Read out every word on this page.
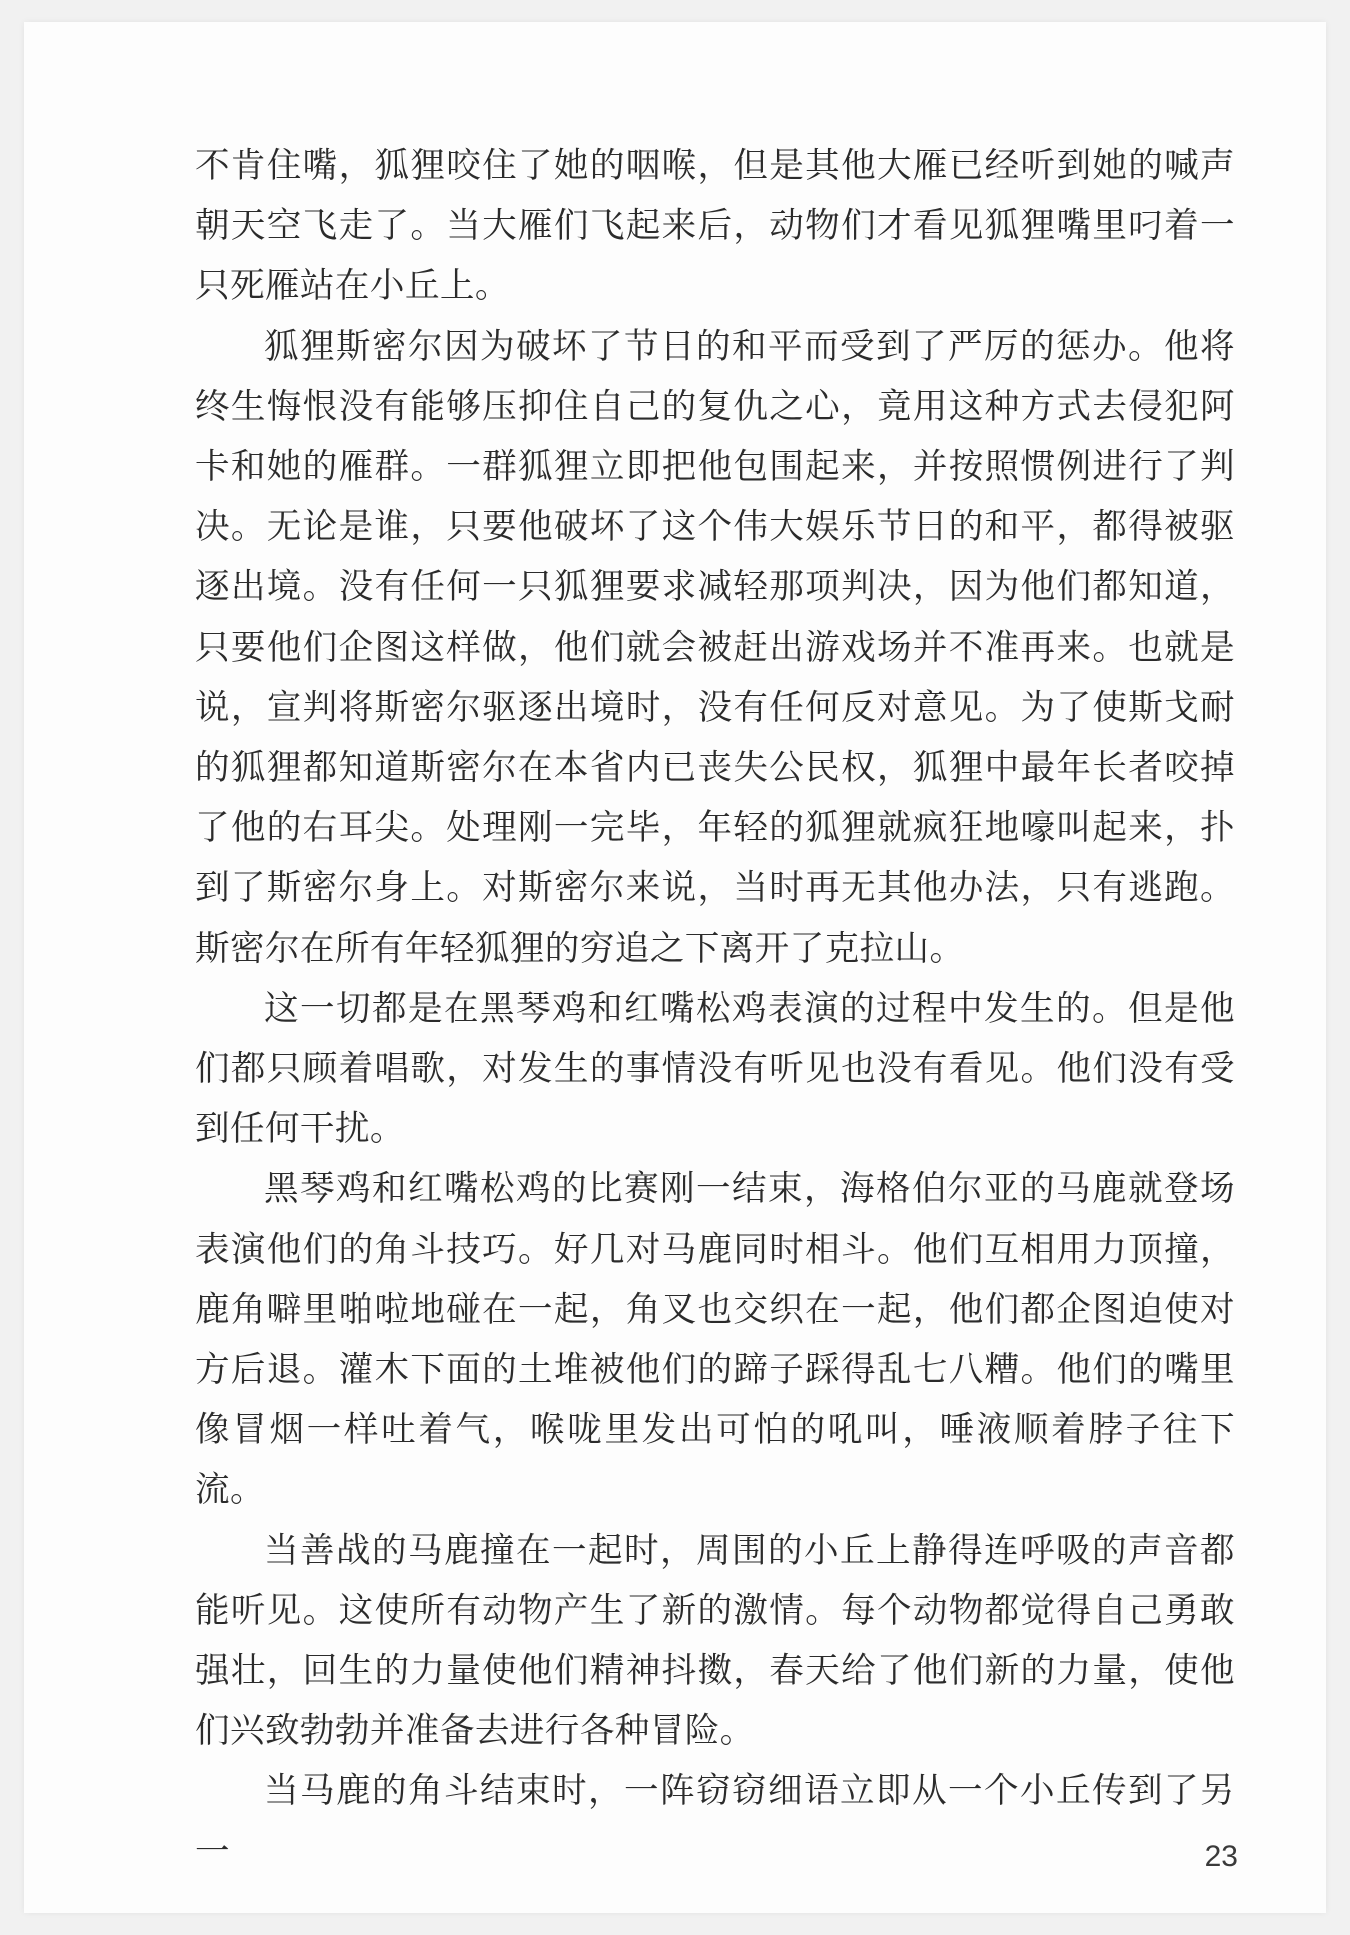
不肯住嘴，狐狸咬住了她的咽喉，但是其他大雁已经听到她的喊声朝天空飞走了。当大雁们飞起来后，动物们才看见狐狸嘴里叼着一只死雁站在小丘上。

狐狸斯密尔因为破坏了节日的和平而受到了严厉的惩办。他将终生悔恨没有能够压抑住自己的复仇之心，竟用这种方式去侵犯阿卡和她的雁群。一群狐狸立即把他包围起来，并按照惯例进行了判决。无论是谁，只要他破坏了这个伟大娱乐节日的和平，都得被驱逐出境。没有任何一只狐狸要求减轻那项判决，因为他们都知道，只要他们企图这样做，他们就会被赶出游戏场并不准再来。也就是说，宣判将斯密尔驱逐出境时，没有任何反对意见。为了使斯戈耐的狐狸都知道斯密尔在本省内已丧失公民权，狐狸中最年长者咬掉了他的右耳尖。处理刚一完毕，年轻的狐狸就疯狂地嚎叫起来，扑到了斯密尔身上。对斯密尔来说，当时再无其他办法，只有逃跑。斯密尔在所有年轻狐狸的穷追之下离开了克拉山。

这一切都是在黑琴鸡和红嘴松鸡表演的过程中发生的。但是他们都只顾着唱歌，对发生的事情没有听见也没有看见。他们没有受到任何干扰。

黑琴鸡和红嘴松鸡的比赛刚一结束，海格伯尔亚的马鹿就登场表演他们的角斗技巧。好几对马鹿同时相斗。他们互相用力顶撞，鹿角噼里啪啦地碰在一起，角叉也交织在一起，他们都企图迫使对方后退。灌木下面的土堆被他们的蹄子踩得乱七八糟。他们的嘴里像冒烟一样吐着气，喉咙里发出可怕的吼叫，唾液顺着脖子往下流。

当善战的马鹿撞在一起时，周围的小丘上静得连呼吸的声音都能听见。这使所有动物产生了新的激情。每个动物都觉得自己勇敢强壮，回生的力量使他们精神抖擞，春天给了他们新的力量，使他们兴致勃勃并准备去进行各种冒险。

当马鹿的角斗结束时，一阵窃窃细语立即从一个小丘传到了另一	23
